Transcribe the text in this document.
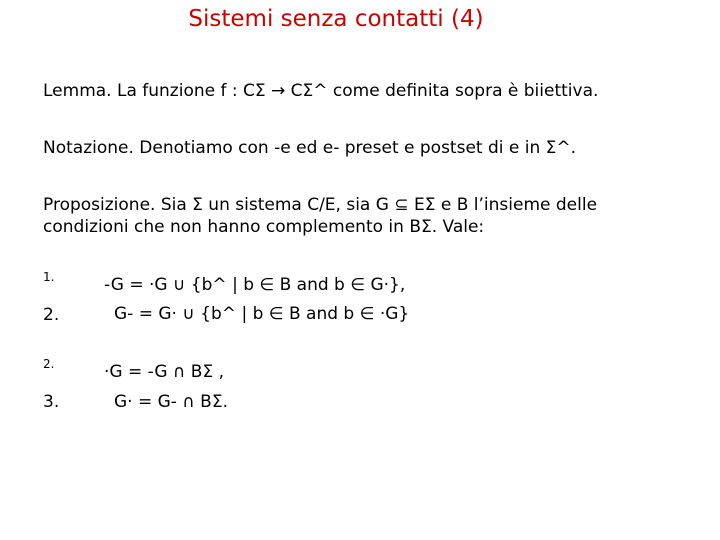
Sistemi senza contatti (4)
Lemma. La funzione f : CΣ → CΣ^ come definita sopra è biiettiva.
Notazione. Denotiamo con -e ed e- preset e postset di e in Σ^.
Proposizione. Sia Σ un sistema C/E, sia G ⊆ EΣ e B l’insieme delle
condizioni che non hanno complemento in BΣ. Vale:
1.	-G = ·G ∪ {b^ | b ∈ B and b ∈ G·},
2.	G- = G· ∪ {b^ | b ∈ B and b ∈ ·G}
2.	·G = -G ∩ BΣ ,
3.	G· = G- ∩ BΣ.
